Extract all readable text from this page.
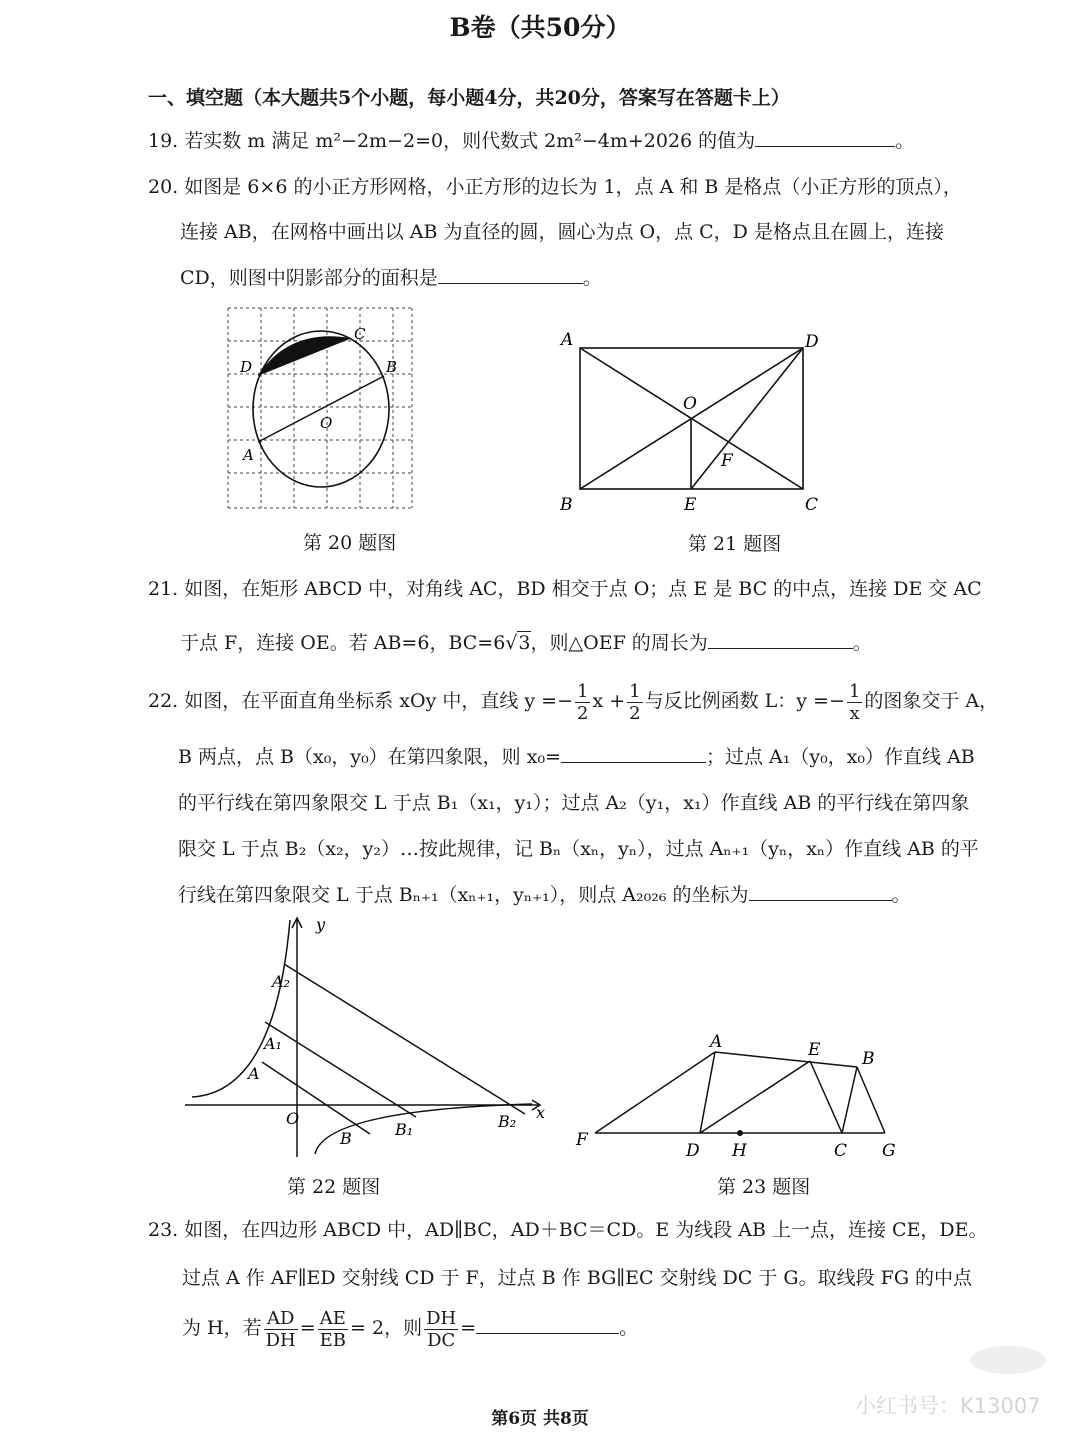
B卷（共50分）
一、填空题（本大题共5个小题，每小题4分，共20分，答案写在答题卡上）
19. 若实数 m 满足 m²−2m−2=0，则代数式 2m²−4m+2026 的值为	。
20. 如图是 6×6 的小正方形网格，小正方形的边长为 1，点 A 和 B 是格点（小正方形的顶点），
连接 AB，在网格中画出以 AB 为直径的圆，圆心为点 O，点 C，D 是格点且在圆上，连接
CD，则图中阴影部分的面积是	。
C
D	B
O
A
第 20 题图
A	D
O
F
B	E	C
第 21 题图
21. 如图，在矩形 ABCD 中，对角线 AC，BD 相交于点 O；点 E 是 BC 的中点，连接 DE 交 AC
于点 F，连接 OE。若 AB=6，BC=6√3，则△OEF 的周长为	。
22. 如图，在平面直角坐标系 xOy 中，直线 $y =- \frac{1}{2}$ $x + \frac{1}{2}$ 与反比例函数 L：$y =- \frac{1}{x}$ 的图象交于 A，
B 两点，点 B（x₀，y₀）在第四象限，则 x₀=	；过点 A₁（y₀，x₀）作直线 AB
的平行线在第四象限交 L 于点 B₁（x₁，y₁）；过点 A₂（y₁，x₁）作直线 AB 的平行线在第四象
限交 L 于点 B₂（x₂，y₂）…按此规律，记 Bₙ（xₙ，yₙ），过点 Aₙ₊₁（yₙ，xₙ）作直线 AB 的平
行线在第四象限交 L 于点 Bₙ₊₁（xₙ₊₁，yₙ₊₁），则点 A₂₀₂₆ 的坐标为	。
y
x
O
A₂
A₁
A
B	B₁	B₂
第 22 题图
A	E B
F
D H	C G
第 23 题图
23. 如图，在四边形 ABCD 中，AD∥BC，AD＋BC＝CD。E 为线段 AB 上一点，连接 CE，DE。
过点 A 作 AF∥ED 交射线 CD 于 F，过点 B 作 BG∥EC 交射线 DC 于 G。取线段 FG 的中点
为 H，若 $\frac{AD}{DH} = \frac{AE}{EB} = 2$，则 $\frac{DH}{DC}$ =	。
小红书号：K13007
第6页 共8页
